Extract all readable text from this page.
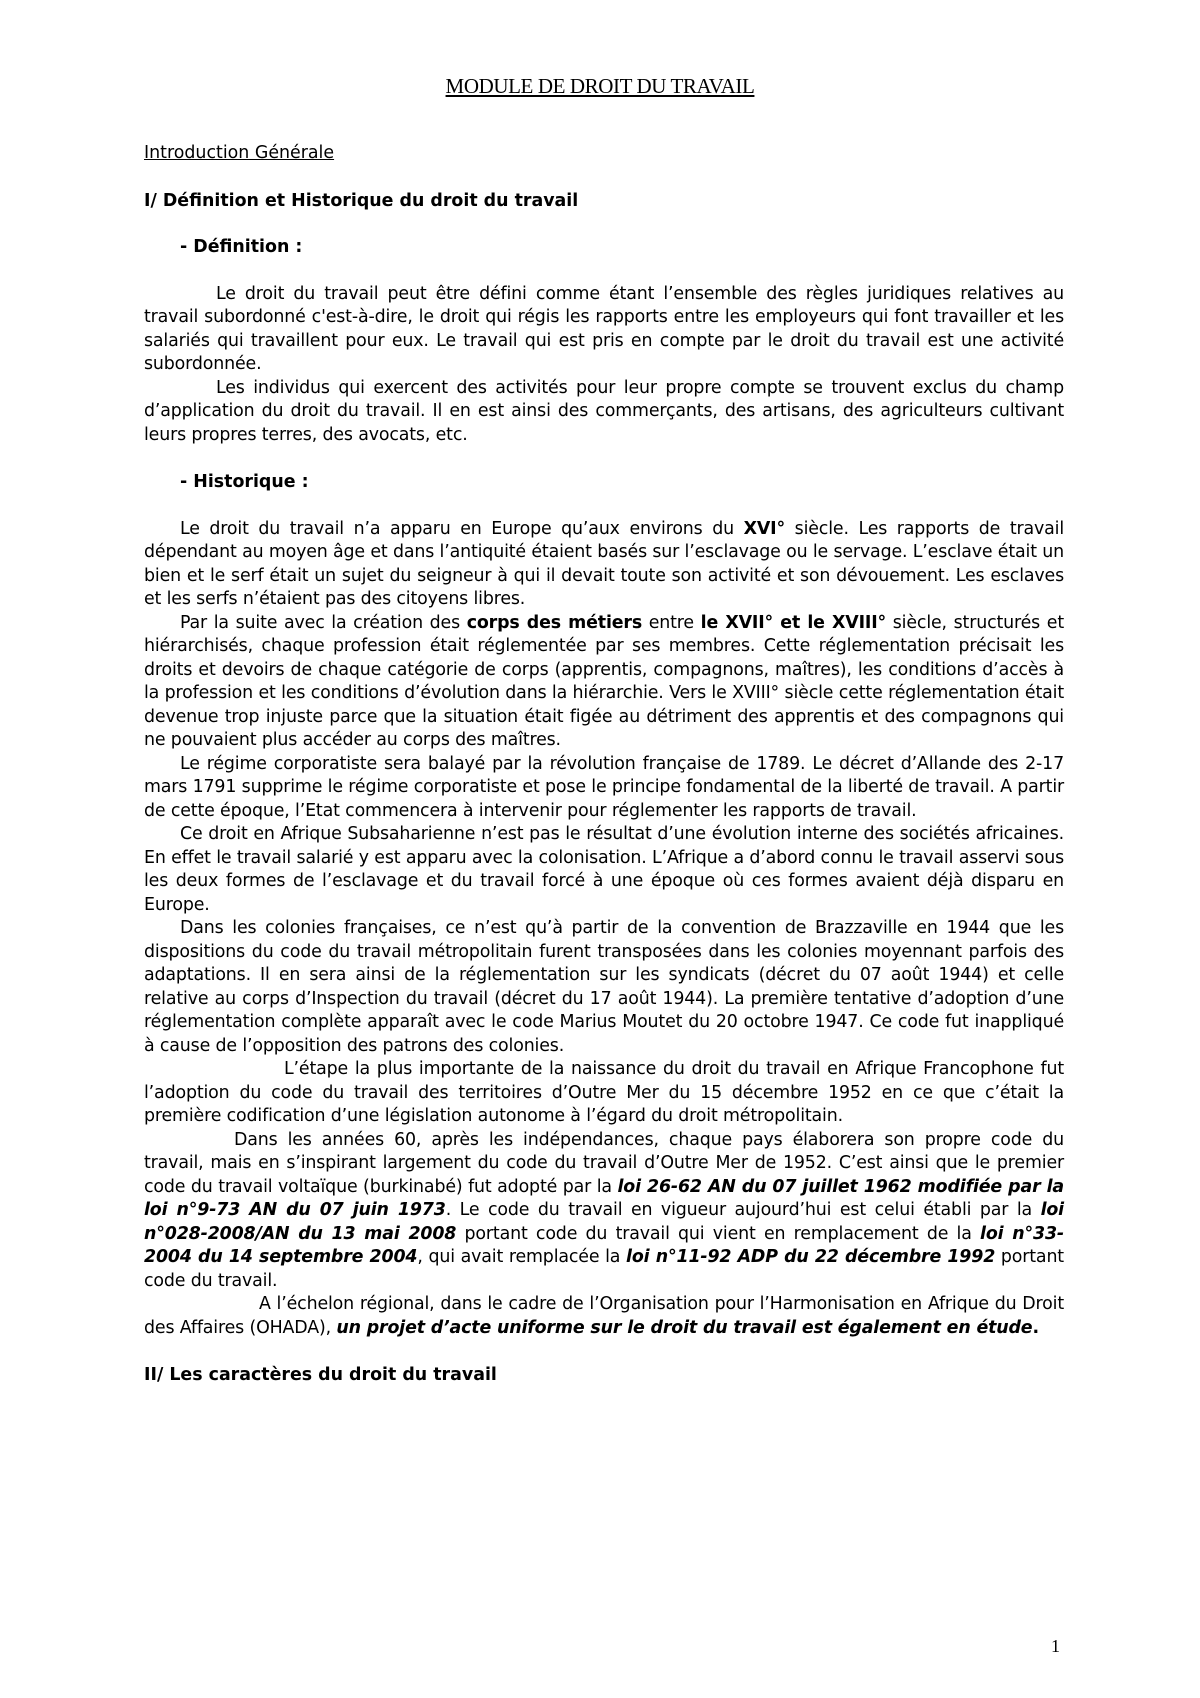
MODULE DE DROIT DU TRAVAIL
Introduction Générale
I/ Définition et Historique du droit du travail
- Définition :

Le droit du travail peut être défini comme étant l’ensemble des règles juridiques relatives au travail subordonné c'est-à-dire, le droit qui régis les rapports entre les employeurs qui font travailler et les salariés qui travaillent pour eux. Le travail qui est pris en compte par le droit du travail est une activité subordonnée.

Les individus qui exercent des activités pour leur propre compte se trouvent exclus du champ d’application du droit du travail. Il en est ainsi des commerçants, des artisans, des agriculteurs cultivant leurs propres terres, des avocats, etc.

- Historique :

Le droit du travail n’a apparu en Europe qu’aux environs du XVI° siècle. Les rapports de travail dépendant au moyen âge et dans l’antiquité étaient basés sur l’esclavage ou le servage. L’esclave était un bien et le serf était un sujet du seigneur à qui il devait toute son activité et son dévouement. Les esclaves et les serfs n’étaient pas des citoyens libres.

Par la suite avec la création des corps des métiers entre le XVII° et le XVIII° siècle, structurés et hiérarchisés, chaque profession était réglementée par ses membres. Cette réglementation précisait les droits et devoirs de chaque catégorie de corps (apprentis, compagnons, maîtres), les conditions d’accès à la profession et les conditions d’évolution dans la hiérarchie. Vers le XVIII° siècle cette réglementation était devenue trop injuste parce que la situation était figée au détriment des apprentis et des compagnons qui ne pouvaient plus accéder au corps des maîtres.

Le régime corporatiste sera balayé par la révolution française de 1789. Le décret d’Allande des 2-17 mars 1791 supprime le régime corporatiste et pose le principe fondamental de la liberté de travail. A partir de cette époque, l’Etat commencera à intervenir pour réglementer les rapports de travail.

Ce droit en Afrique Subsaharienne n’est pas le résultat d’une évolution interne des sociétés africaines. En effet le travail salarié y est apparu avec la colonisation. L’Afrique a d’abord connu le travail asservi sous les deux formes de l’esclavage et du travail forcé à une époque où ces formes avaient déjà disparu en Europe.

Dans les colonies françaises, ce n’est qu’à partir de la convention de Brazzaville en 1944 que les dispositions du code du travail métropolitain furent transposées dans les colonies moyennant parfois des adaptations. Il en sera ainsi de la réglementation sur les syndicats (décret du 07 août 1944) et celle relative au corps d’Inspection du travail (décret du 17 août 1944). La première tentative d’adoption d’une réglementation complète apparaît avec le code Marius Moutet du 20 octobre 1947. Ce code fut inappliqué à cause de l’opposition des patrons des colonies.

L’étape la plus importante de la naissance du droit du travail en Afrique Francophone fut l’adoption du code du travail des territoires d’Outre Mer du 15 décembre 1952 en ce que c’était la première codification d’une législation autonome à l’égard du droit métropolitain.

Dans les années 60, après les indépendances, chaque pays élaborera son propre code du travail, mais en s’inspirant largement du code du travail d’Outre Mer de 1952. C’est ainsi que le premier code du travail voltaïque (burkinabé) fut adopté par la loi 26-62 AN du 07 juillet 1962 modifiée par la loi n°9-73 AN du 07 juin 1973. Le code du travail en vigueur aujourd’hui est celui établi par la loi n°028-2008/AN du 13 mai 2008 portant code du travail qui vient en remplacement de la loi n°33-2004 du 14 septembre 2004, qui avait remplacée la loi n°11-92 ADP du 22 décembre 1992 portant code du travail.

A l’échelon régional, dans le cadre de l’Organisation pour l’Harmonisation en Afrique du Droit des Affaires (OHADA), un projet d’acte uniforme sur le droit du travail est également en étude.

II/ Les caractères du droit du travail
1
